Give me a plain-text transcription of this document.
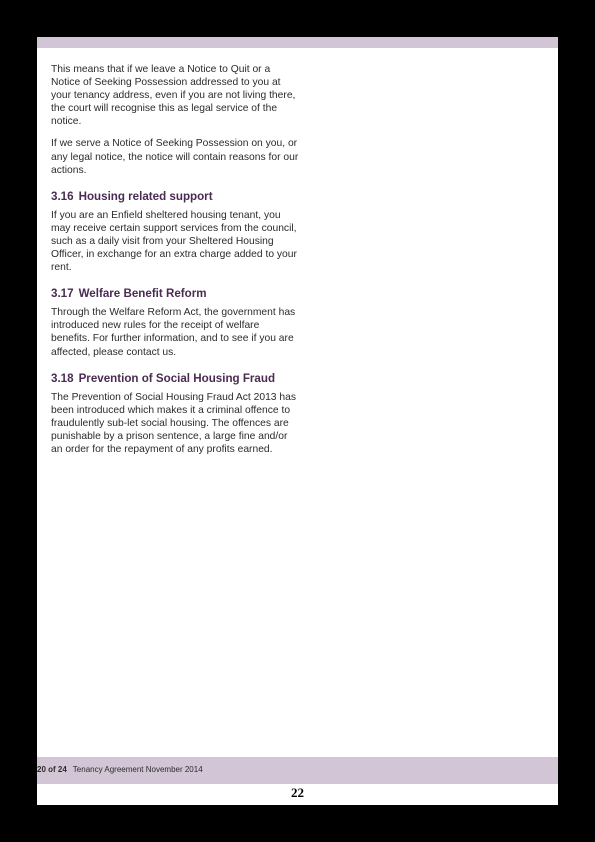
This means that if we leave a Notice to Quit or a Notice of Seeking Possession addressed to you at your tenancy address, even if you are not living there, the court will recognise this as legal service of the notice.

If we serve a Notice of Seeking Possession on you, or any legal notice, the notice will contain reasons for our actions.

3.16 Housing related support

If you are an Enfield sheltered housing tenant, you may receive certain support services from the council, such as a daily visit from your Sheltered Housing Officer, in exchange for an extra charge added to your rent.

3.17 Welfare Benefit Reform

Through the Welfare Reform Act, the government has introduced new rules for the receipt of welfare benefits. For further information, and to see if you are affected, please contact us.

3.18 Prevention of Social Housing Fraud

The Prevention of Social Housing Fraud Act 2013 has been introduced which makes it a criminal offence to fraudulently sub-let social housing. The offences are punishable by a prison sentence, a large fine and/or an order for the repayment of any profits earned.

20 of 24 Tenancy Agreement November 2014
22
